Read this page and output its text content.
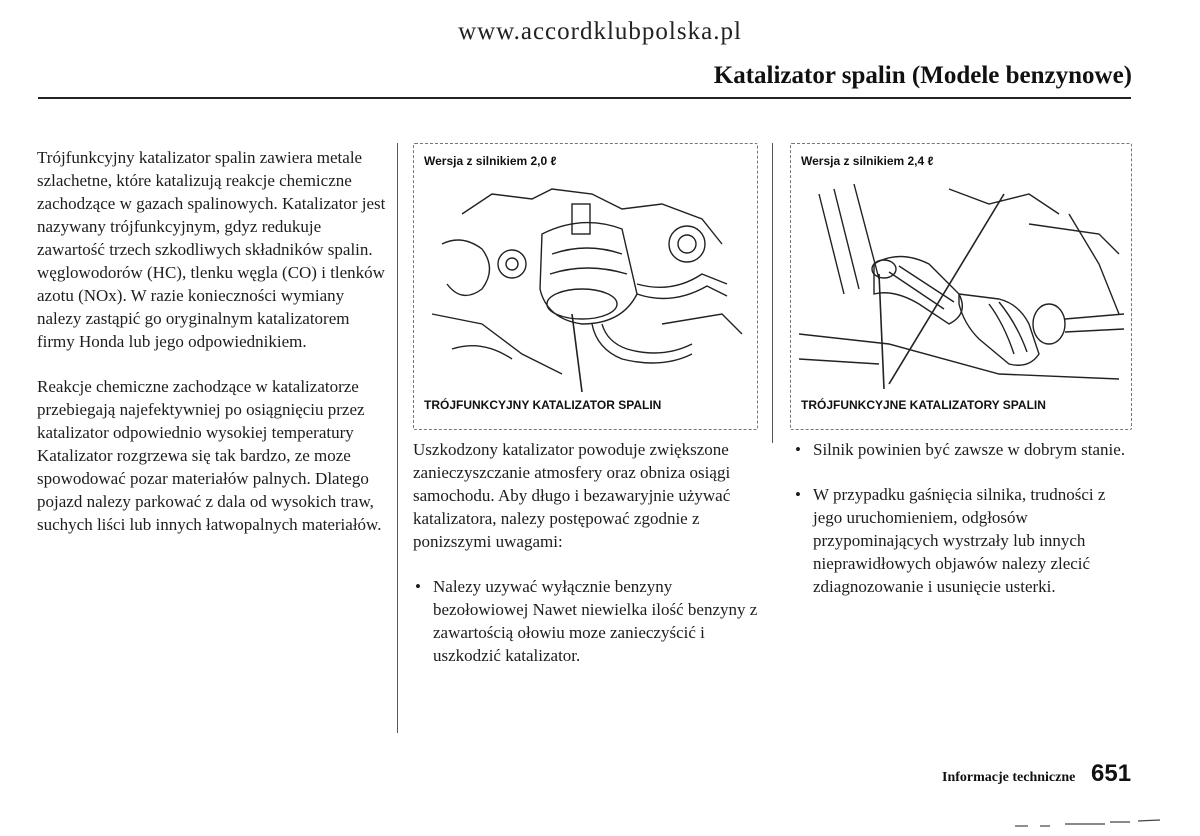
www.accordklubpolska.pl
Katalizator spalin (Modele benzynowe)

Trójfunkcyjny katalizator spalin zawiera metale szlachetne, które katalizują reakcje chemiczne zachodzące w gazach spalinowych. Katalizator jest nazywany trójfunkcyjnym, gdyz redukuje zawartość trzech szkodliwych składników spalin. węglowodorów (HC), tlenku węgla (CO) i tlenków azotu (NOx). W razie konieczności wymiany nalezy zastąpić go oryginalnym katalizatorem firmy Honda lub jego odpowiednikiem.

Reakcje chemiczne zachodzące w katalizatorze przebiegają najefektywniej po osiągnięciu przez katalizator odpowiednio wysokiej temperatury Katalizator rozgrzewa się tak bardzo, ze moze spowodować pozar materiałów palnych. Dlatego pojazd nalezy parkować z dala od wysokich traw, suchych liści lub innych łatwopalnych materiałów.

Wersja z silnikiem 2,0 ℓ
TRÓJFUNKCYJNY KATALIZATOR SPALIN
Wersja z silnikiem 2,4 ℓ
TRÓJFUNKCYJNE KATALIZATORY SPALIN

Uszkodzony katalizator powoduje zwiększone zanieczyszczanie atmosfery oraz obniza osiągi samochodu. Aby długo i bezawaryjnie używać katalizatora, nalezy postępować zgodnie z ponizszymi uwagami:

• Nalezy uzywać wyłącznie benzyny bezołowiowej Nawet niewielka ilość benzyny z zawartością ołowiu moze zanieczyścić i uszkodzić katalizator.
• Silnik powinien być zawsze w dobrym stanie.
• W przypadku gaśnięcia silnika, trudności z jego uruchomieniem, odgłosów przypominających wystrzały lub innych nieprawidłowych objawów nalezy zlecić zdiagnozowanie i usunięcie usterki.
Informacje techniczne 651
